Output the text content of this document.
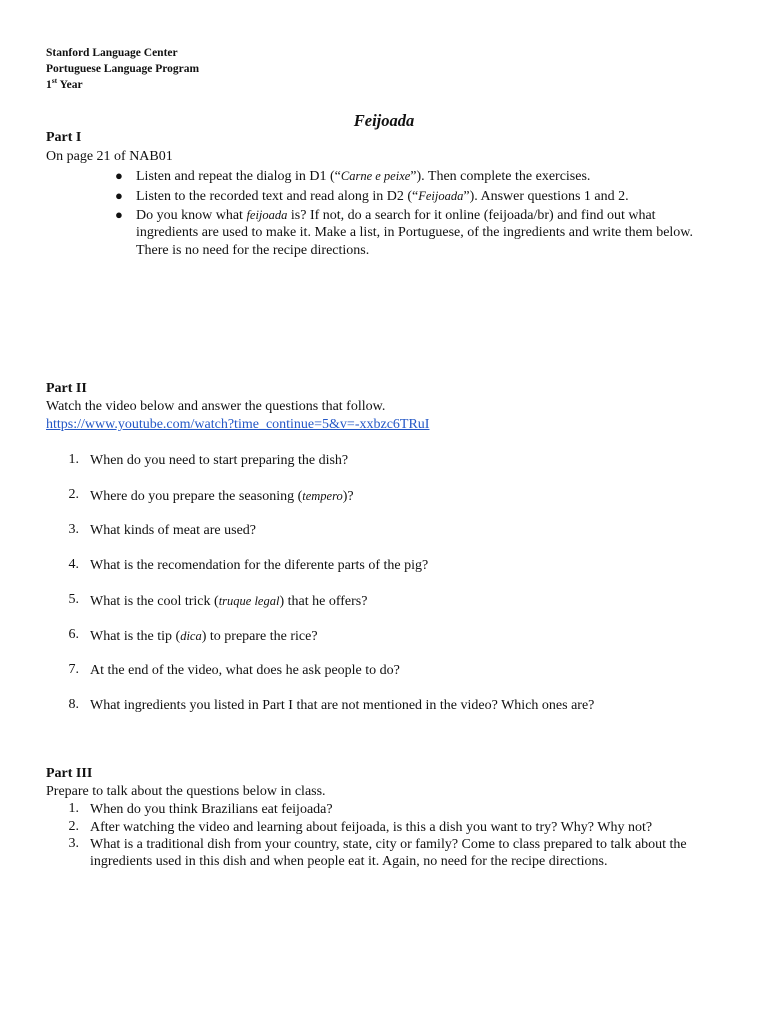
Stanford Language Center
Portuguese Language Program
1st Year
Feijoada
Part I
On page 21 of NAB01
● Listen and repeat the dialog in D1 (“Carne e peixe”). Then complete the exercises.
● Listen to the recorded text and read along in D2 (“Feijoada”). Answer questions 1 and 2.
● Do you know what feijoada is? If not, do a search for it online (feijoada/br) and find out what
ingredients are used to make it. Make a list, in Portuguese, of the ingredients and write them below.
There is no need for the recipe directions.
Part II
Watch the video below and answer the questions that follow.
https://www.youtube.com/watch?time_continue=5&v=-xxbzc6TRuI
1. When do you need to start preparing the dish?
2. Where do you prepare the seasoning (tempero)?
3. What kinds of meat are used?
4. What is the recomendation for the diferente parts of the pig?
5. What is the cool trick (truque legal) that he offers?
6. What is the tip (dica) to prepare the rice?
7. At the end of the video, what does he ask people to do?
8. What ingredients you listed in Part I that are not mentioned in the video? Which ones are?
Part III
Prepare to talk about the questions below in class.
1. When do you think Brazilians eat feijoada?
2. After watching the video and learning about feijoada, is this a dish you want to try? Why? Why not?
3. What is a traditional dish from your country, state, city or family? Come to class prepared to talk about the
ingredients used in this dish and when people eat it. Again, no need for the recipe directions.
